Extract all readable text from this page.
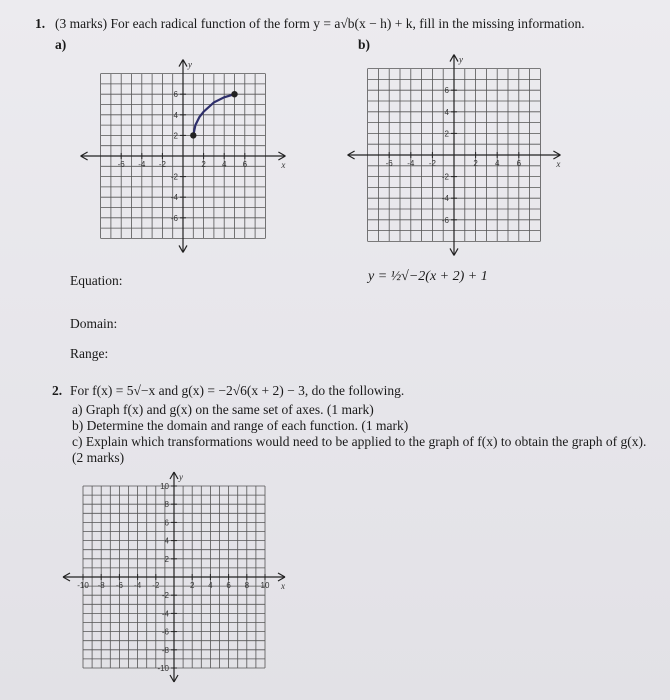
1. (3 marks) For each radical function of the form y = a√b(x − h) + k, fill in the missing information.
a)	b)
-6 -4 -2	2 4 6
6
4
2
-2
-4
-6
x
y
-6 -4 -2	2 4 6
6
4
2
-2
-4
-6
x
y
Equation:	y = ½√−2(x + 2) + 1
Domain:
Range:
2. For f(x) = 5√−x and g(x) = −2√6(x + 2) − 3, do the following.
a) Graph f(x) and g(x) on the same set of axes. (1 mark)
b) Determine the domain and range of each function. (1 mark)
c) Explain which transformations would need to be applied to the graph of f(x) to obtain the graph of g(x).
(2 marks)
-10 -8 -6 -4 -2	2 4 6 8 10
10
8
6
4
2
-2
-4
-6
-8
-10
x
y
